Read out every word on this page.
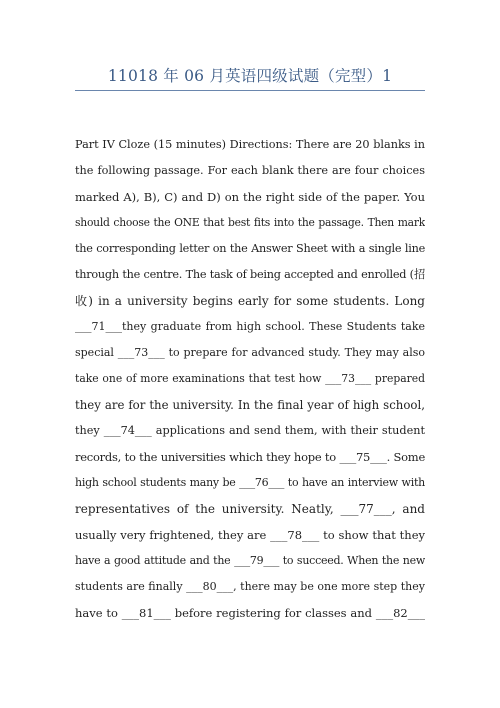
11018 年 06 月英语四级试题（完型）1
Part IV Cloze (15 minutes) Directions: There are 20 blanks in
the following passage. For each blank there are four choices
marked A), B), C) and D) on the right side of the paper. You
should choose the ONE that best fits into the passage. Then mark
the corresponding letter on the Answer Sheet with a single line
through the centre. The task of being accepted and enrolled (招
收) in a university begins early for some students. Long
___71___they graduate from high school. These Students take
special ___73___ to prepare for advanced study. They may also
take one of more examinations that test how ___73___ prepared
they are for the university. In the final year of high school,
they ___74___ applications and send them, with their student
records, to the universities which they hope to ___75___. Some
high school students many be ___76___ to have an interview with
representatives of the university. Neatly, ___77___, and
usually very frightened, they are ___78___ to show that they
have a good attitude and the ___79___ to succeed. When the new
students are finally ___80___, there may be one more step they
have to ___81___ before registering for classes and ___82___
